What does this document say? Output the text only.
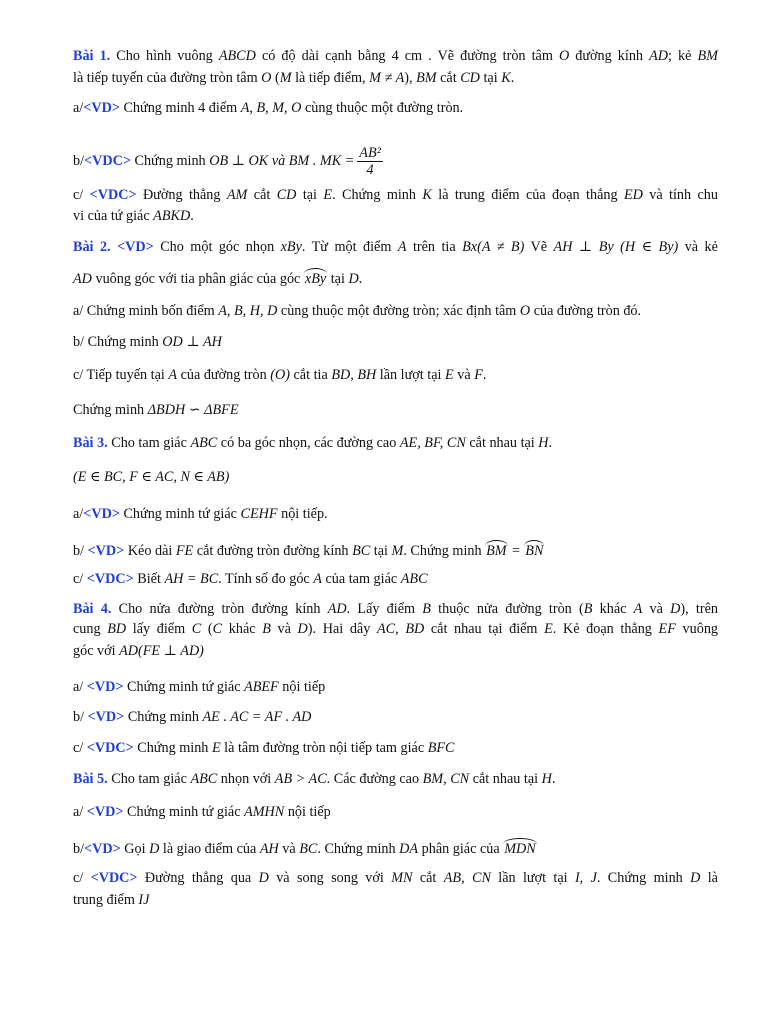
Bài 1. Cho hình vuông ABCD có độ dài cạnh bằng 4 cm . Vẽ đường tròn tâm O đường kính AD; kẻ BM
là tiếp tuyến của đường tròn tâm O (M là tiếp điểm, M ≠ A), BM cắt CD tại K.
a/<VD> Chứng minh 4 điểm A, B, M, O cùng thuộc một đường tròn.
b/<VDC> Chứng minh OB ⊥ OK và BM . MK = $\frac{\text{AB²}}{4}$
c/ <VDC> Đường thẳng AM cắt CD tại E. Chứng minh K là trung điểm của đoạn thẳng ED và tính chu
vi của tứ giác ABKD.
Bài 2. <VD> Cho một góc nhọn xBy. Từ một điểm A trên tia Bx(A ≠ B) Vẽ AH ⊥ By (H ∈ By) và kẻ
AD vuông góc với tia phân giác của góc xBy tại D.
a/ Chứng minh bốn điểm A, B, H, D cùng thuộc một đường tròn; xác định tâm O của đường tròn đó.
b/ Chứng minh OD ⊥ AH
c/ Tiếp tuyến tại A của đường tròn (O) cắt tia BD, BH lần lượt tại E và F.
Chứng minh ΔBDH ∽ ΔBFE
Bài 3. Cho tam giác ABC có ba góc nhọn, các đường cao AE, BF, CN cắt nhau tại H.
(E ∈ BC, F ∈ AC, N ∈ AB)
a/<VD> Chứng minh tứ giác CEHF nội tiếp.
b/ <VD> Kéo dài FE cắt đường tròn đường kính BC tại M. Chứng minh BM = BN
c/ <VDC> Biết AH = BC. Tính số đo góc A của tam giác ABC
Bài 4. Cho nửa đường tròn đường kính AD. Lấy điểm B thuộc nửa đường tròn (B khác A và D), trên
cung BD lấy điểm C (C khác B và D). Hai dây AC, BD cắt nhau tại điểm E. Kẻ đoạn thẳng EF vuông
góc với AD(FE ⊥ AD)
a/ <VD> Chứng minh tứ giác ABEF nội tiếp
b/ <VD> Chứng minh AE . AC = AF . AD
c/ <VDC> Chứng minh E là tâm đường tròn nội tiếp tam giác BFC
Bài 5. Cho tam giác ABC nhọn với AB > AC. Các đường cao BM, CN cắt nhau tại H.
a/ <VD> Chứng minh tứ giác AMHN nội tiếp
b/<VD> Gọi D là giao điểm của AH và BC. Chứng minh DA phân giác của MDN
c/ <VDC> Đường thẳng qua D và song song với MN cắt AB, CN lần lượt tại I, J. Chứng minh D là
trung điểm IJ
